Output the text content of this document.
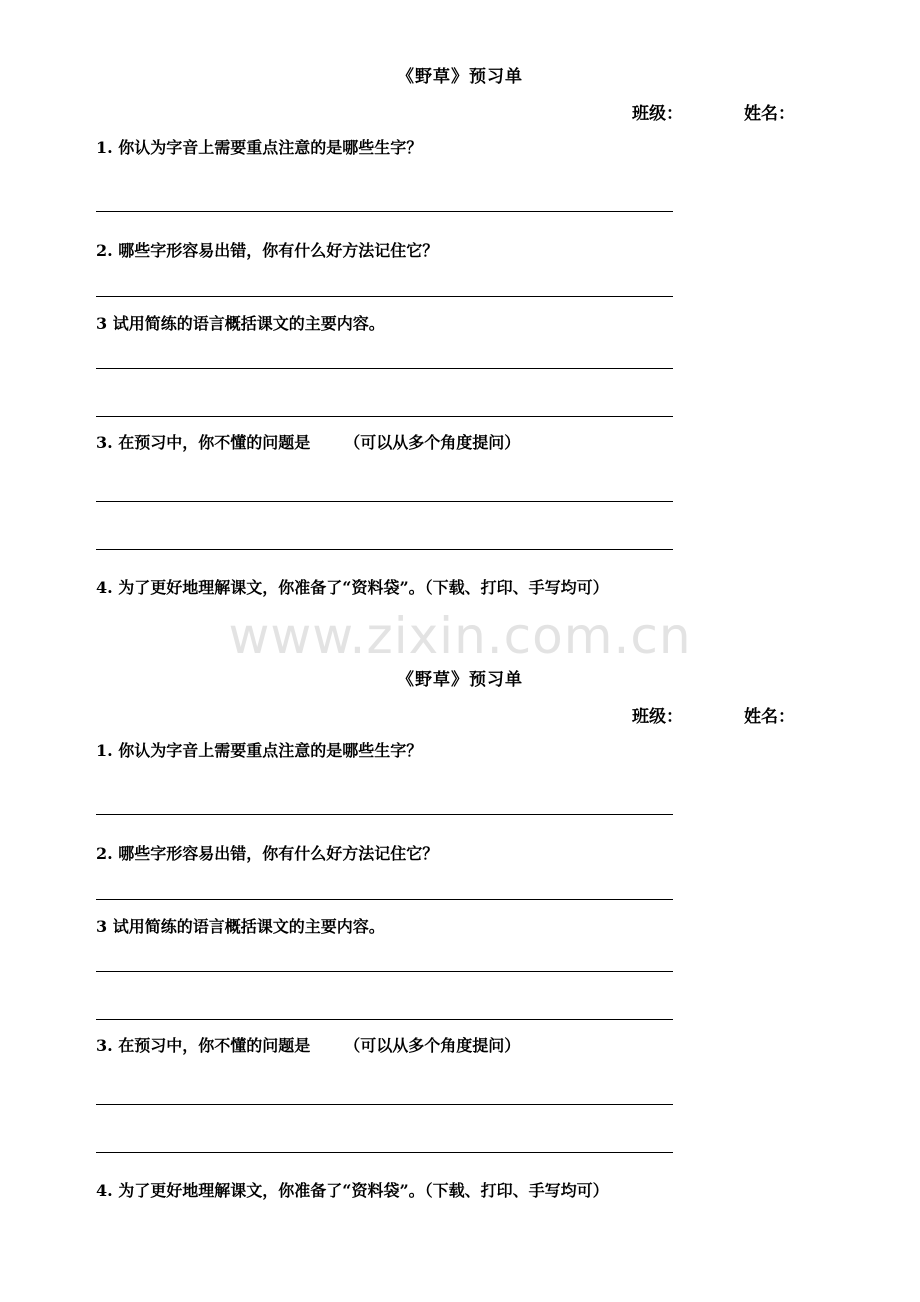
《野草》预习单
班级：	姓名：
1. 你认为字音上需要重点注意的是哪些生字？
2. 哪些字形容易出错，你有什么好方法记住它？
3 试用简练的语言概括课文的主要内容。
3. 在预习中，你不懂的问题是 （可以从多个角度提问）
4. 为了更好地理解课文，你准备了“资料袋”。（下载、打印、手写均可）
www.zixin.com.cn
《野草》预习单
班级：	姓名：
1. 你认为字音上需要重点注意的是哪些生字？
2. 哪些字形容易出错，你有什么好方法记住它？
3 试用简练的语言概括课文的主要内容。
3. 在预习中，你不懂的问题是 （可以从多个角度提问）
4. 为了更好地理解课文，你准备了“资料袋”。（下载、打印、手写均可）
